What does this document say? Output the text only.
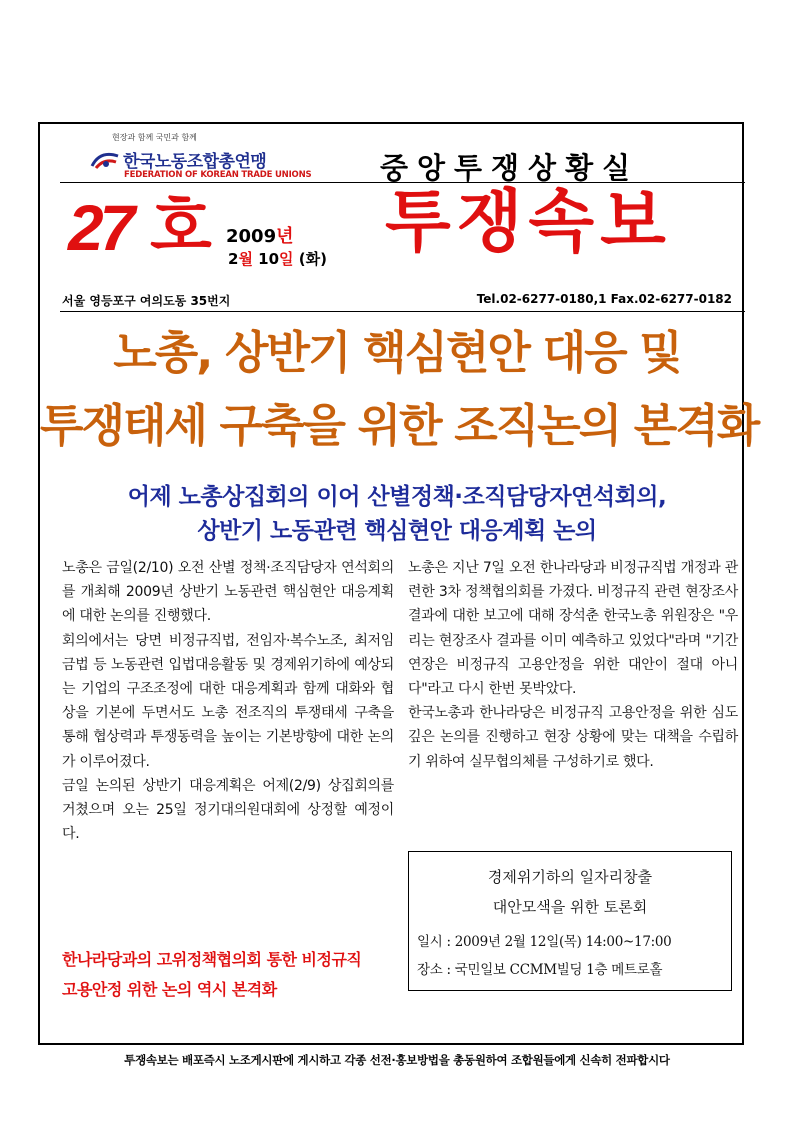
현장과 함께 국민과 함께
한국노동조합총연맹
FEDERATION OF KOREAN TRADE UNIONS 중앙투쟁상황실
27 호 2009년
2월 10일 (화) 투쟁속보
서울 영등포구 여의도동 35번지	Tel.02-6277-0180,1 Fax.02-6277-0182
노총, 상반기 핵심현안 대응 및
투쟁태세 구축을 위한 조직논의 본격화
어제 노총상집회의 이어 산별정책·조직담당자연석회의,
상반기 노동관련 핵심현안 대응계획 논의

노총은 금일(2/10) 오전 산별 정책·조직담당자 연석회의를 개최해 2009년 상반기 노동관련 핵심현안 대응계획에 대한 논의를 진행했다.

회의에서는 당면 비정규직법, 전임자·복수노조, 최저임금법 등 노동관련 입법대응활동 및 경제위기하에 예상되는 기업의 구조조정에 대한 대응계획과 함께 대화와 협상을 기본에 두면서도 노총 전조직의 투쟁태세 구축을 통해 협상력과 투쟁동력을 높이는 기본방향에 대한 논의가 이루어졌다.

금일 논의된 상반기 대응계획은 어제(2/9) 상집회의를 거쳤으며 오는 25일 정기대의원대회에 상정할 예정이다.

한나라당과의 고위정책협의회 통한 비정규직
고용안정 위한 논의 역시 본격화

노총은 지난 7일 오전 한나라당과 비정규직법 개정과 관련한 3차 정책협의회를 가졌다. 비정규직 관련 현장조사 결과에 대한 보고에 대해 장석춘 한국노총 위원장은 "우리는 현장조사 결과를 이미 예측하고 있었다"라며 "기간연장은 비정규직 고용안정을 위한 대안이 절대 아니다"라고 다시 한번 못박았다.

한국노총과 한나라당은 비정규직 고용안정을 위한 심도 깊은 논의를 진행하고 현장 상황에 맞는 대책을 수립하기 위하여 실무협의체를 구성하기로 했다.

경제위기하의 일자리창출
대안모색을 위한 토론회
일시 : 2009년 2월 12일(목) 14:00~17:00
장소 : 국민일보 CCMM빌딩 1층 메트로홀
투쟁속보는 배포즉시 노조게시판에 게시하고 각종 선전·홍보방법을 총동원하여 조합원들에게 신속히 전파합시다
